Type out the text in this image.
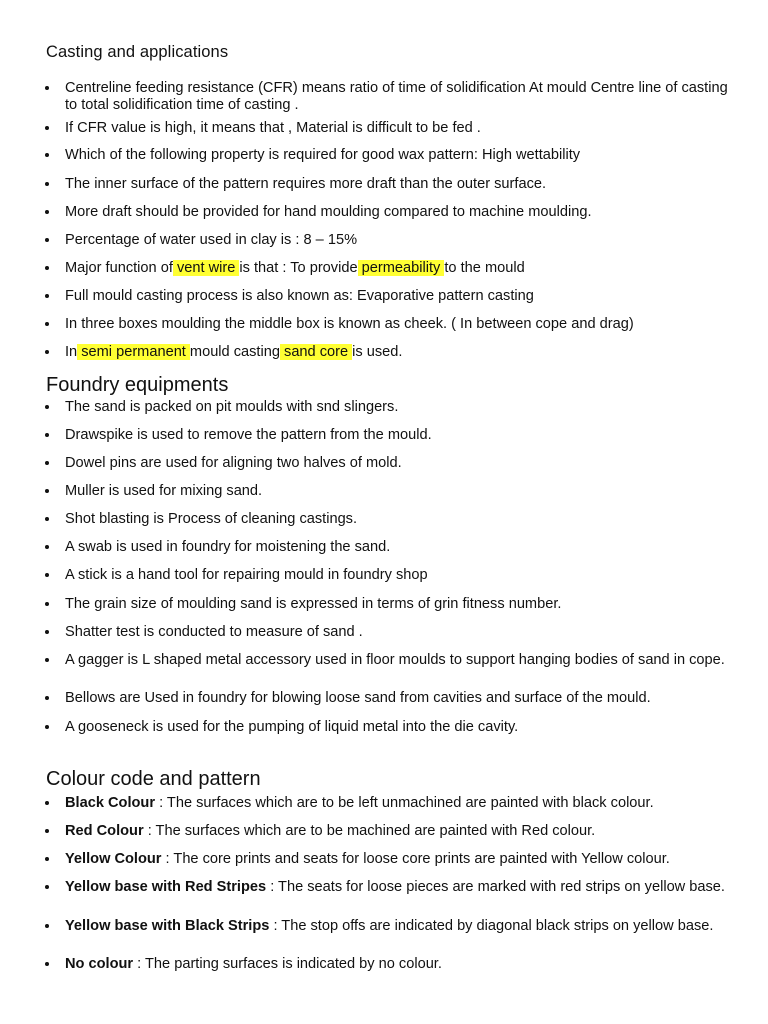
Casting and applications
Centreline feeding resistance (CFR) means ratio of time of solidification At mould Centre line of casting to total solidification time of casting .
If CFR value is high, it means that , Material is difficult to be fed .
Which of the following property is required for good wax pattern: High wettability
The inner surface of the pattern requires more draft than the outer surface.
More draft should be provided for hand moulding compared to machine moulding.
Percentage of water used in clay is : 8 – 15%
Major function of vent wire is that : To provide permeability to the mould
Full mould casting process is also known as: Evaporative pattern casting
In three boxes moulding the middle box is known as cheek. ( In between cope and drag)
In semi permanent mould casting sand core is used.
Foundry equipments
The sand is packed on pit moulds with snd slingers.
Drawspike is used to remove the pattern from the mould.
Dowel pins are used for aligning two halves of mold.
Muller is used for mixing sand.
Shot blasting is Process of cleaning castings.
A swab is used in foundry for moistening the sand.
A stick is a hand tool for repairing mould in foundry shop
The grain size of moulding sand is expressed in terms of grin fitness number.
Shatter test is conducted to measure of sand .
A gagger is L shaped metal accessory used in floor moulds to support hanging bodies of sand in cope.
Bellows are Used in foundry for blowing loose sand from cavities and surface of the mould.
A gooseneck is used for the pumping of liquid metal into the die cavity.
Colour code and pattern
Black Colour : The surfaces which are to be left unmachined are painted with black colour.
Red Colour : The surfaces which are to be machined are painted with Red colour.
Yellow Colour : The core prints and seats for loose core prints are painted with Yellow colour.
Yellow base with Red Stripes : The seats for loose pieces are marked with red strips on yellow base.
Yellow base with Black Strips : The stop offs are indicated by diagonal black strips on yellow base.
No colour : The parting surfaces is indicated by no colour.
